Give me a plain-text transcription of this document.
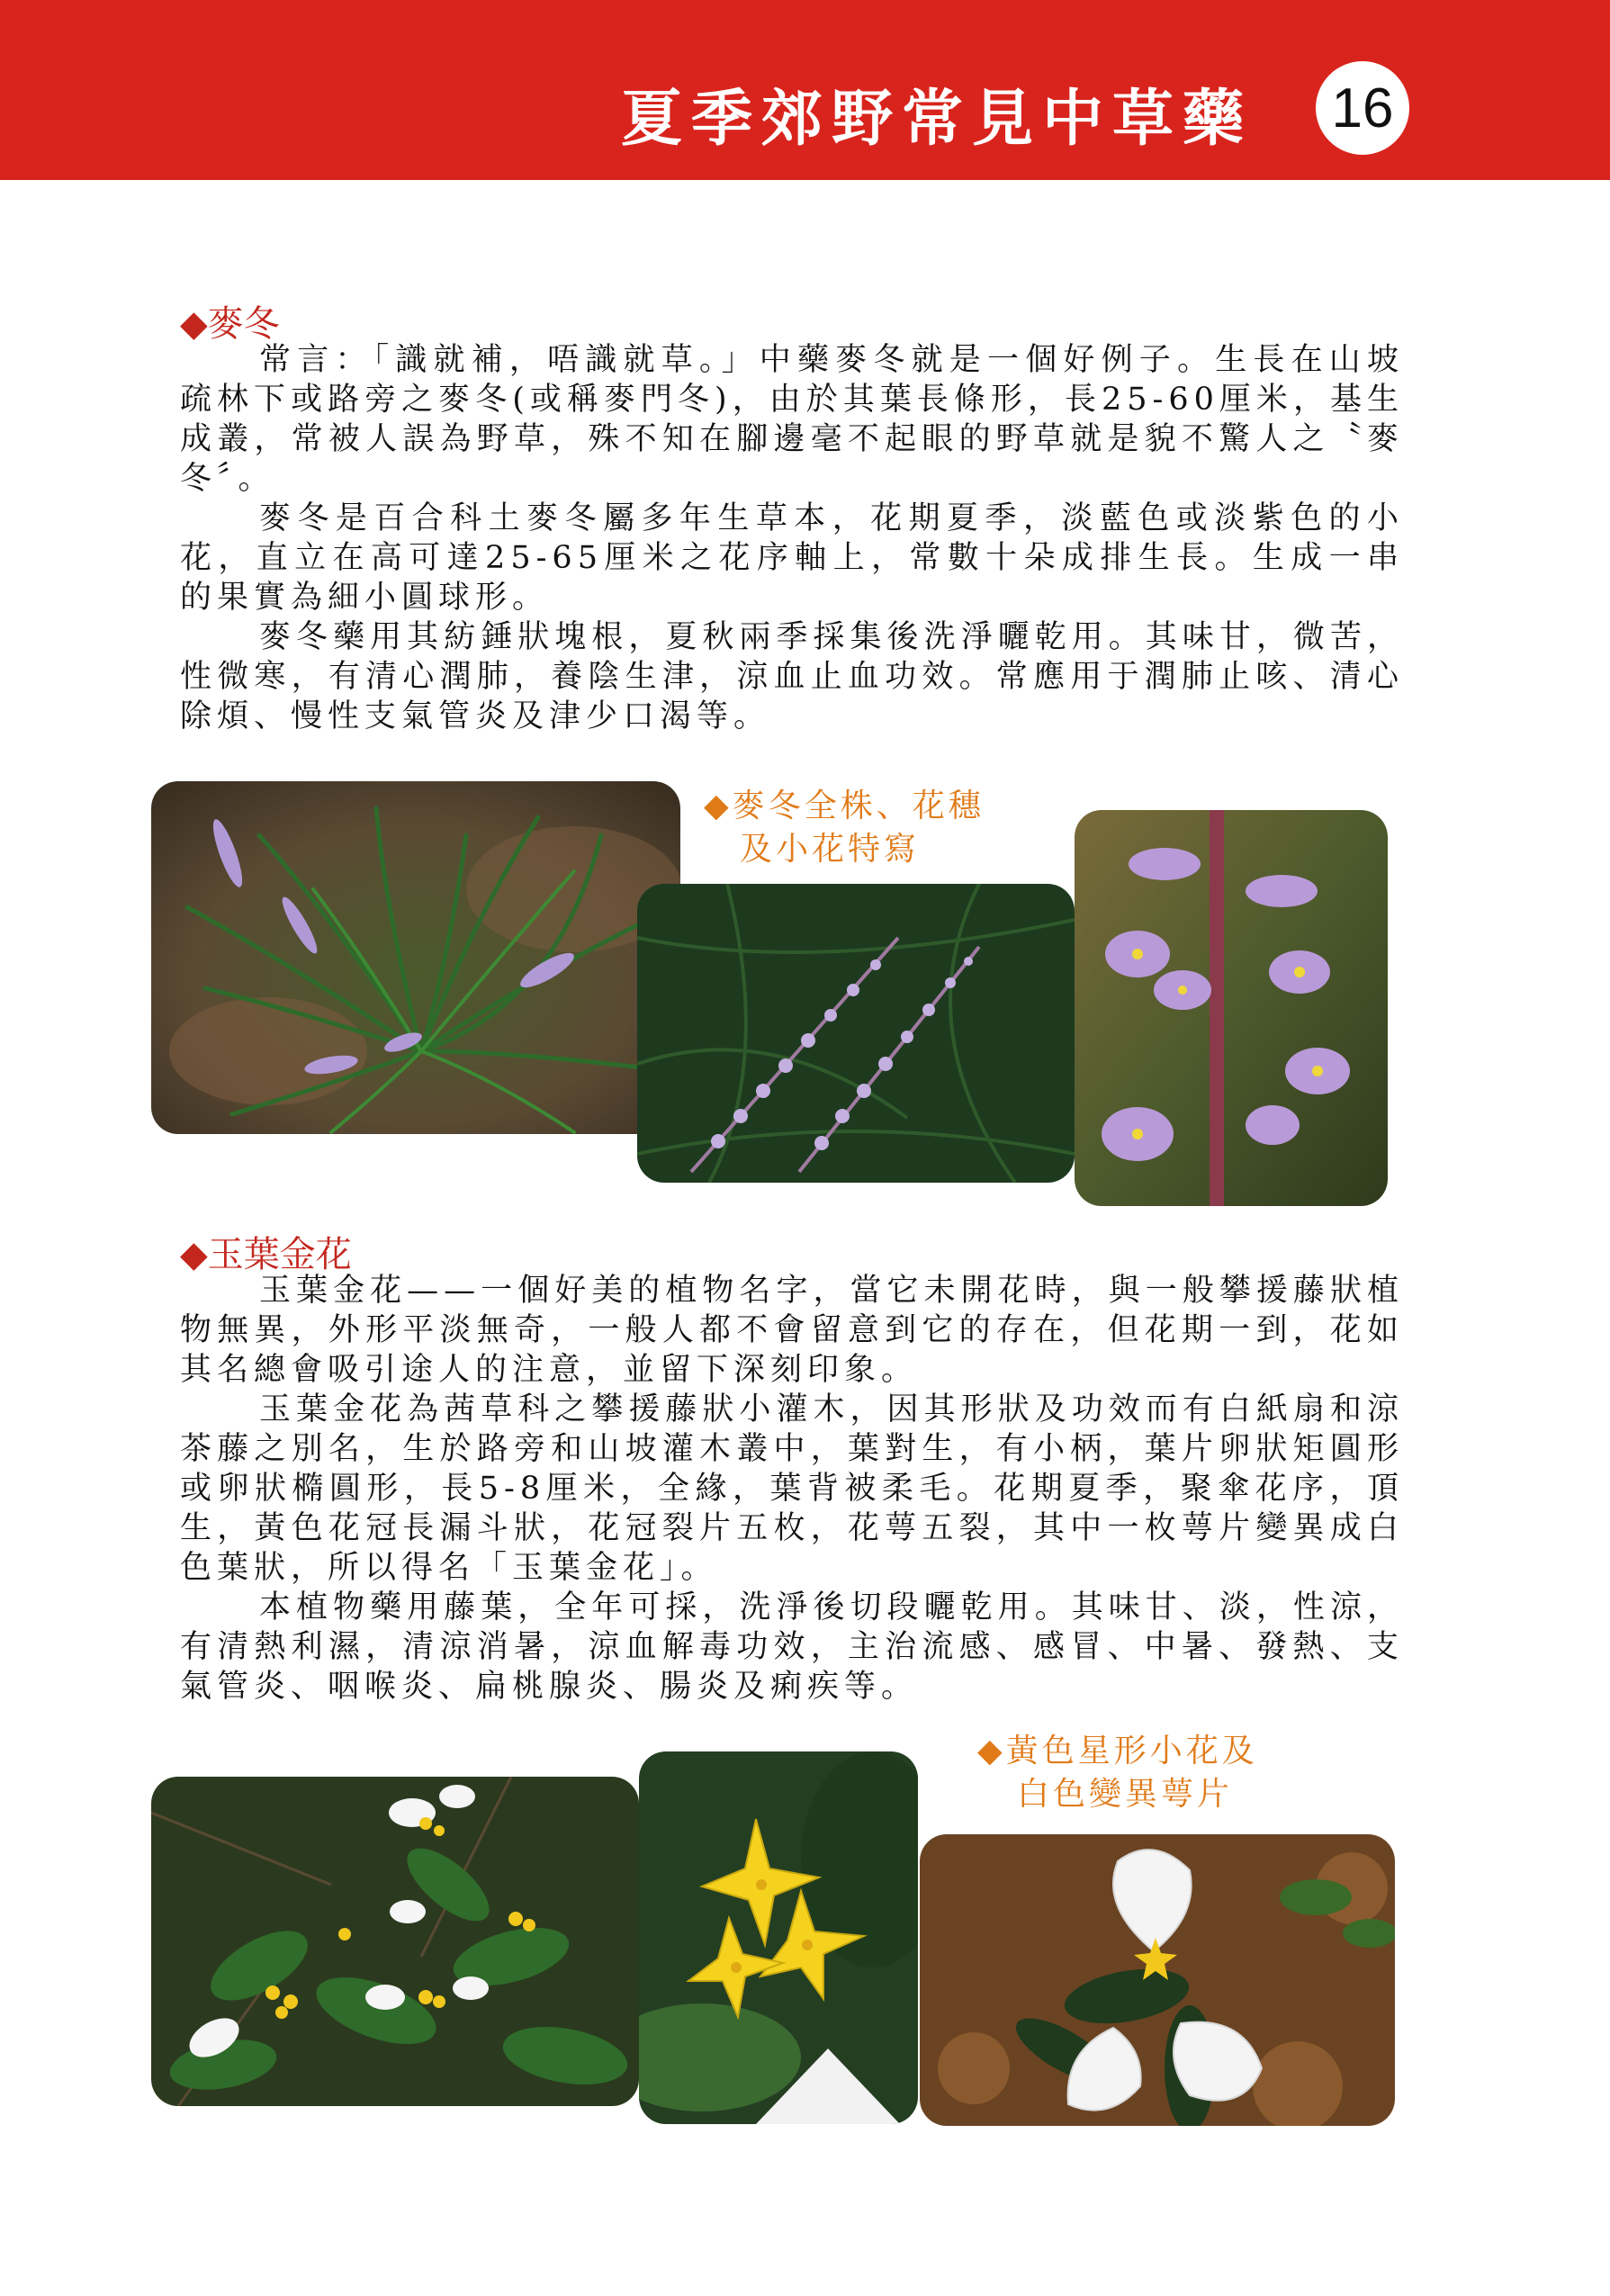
夏季郊野常見中草藥 16
◆麥冬

常言：「識就補，唔識就草。」中藥麥冬就是一個好例子。生長在山坡疏林下或路旁之麥冬(或稱麥門冬)，由於其葉長條形，長25-60厘米，基生成叢，常被人誤為野草，殊不知在腳邊毫不起眼的野草就是貌不驚人之〝麥冬〞。

麥冬是百合科土麥冬屬多年生草本，花期夏季，淡藍色或淡紫色的小花，直立在高可達25-65厘米之花序軸上，常數十朵成排生長。生成一串的果實為細小圓球形。

麥冬藥用其紡錘狀塊根，夏秋兩季採集後洗淨曬乾用。其味甘，微苦，性微寒，有清心潤肺，養陰生津，涼血止血功效。常應用于潤肺止咳、清心除煩、慢性支氣管炎及津少口渴等。

◆麥冬全株、花穗
及小花特寫
◆玉葉金花

玉葉金花——一個好美的植物名字，當它未開花時，與一般攀援藤狀植物無異，外形平淡無奇，一般人都不會留意到它的存在，但花期一到，花如其名總會吸引途人的注意，並留下深刻印象。

玉葉金花為茜草科之攀援藤狀小灌木，因其形狀及功效而有白紙扇和涼茶藤之別名，生於路旁和山坡灌木叢中，葉對生，有小柄，葉片卵狀矩圓形或卵狀橢圓形，長5-8厘米，全緣，葉背被柔毛。花期夏季，聚傘花序，頂生，黃色花冠長漏斗狀，花冠裂片五枚，花萼五裂，其中一枚萼片變異成白色葉狀，所以得名「玉葉金花」。

本植物藥用藤葉，全年可採，洗淨後切段曬乾用。其味甘、淡，性涼，有清熱利濕，清涼消暑，涼血解毒功效，主治流感、感冒、中暑、發熱、支氣管炎、咽喉炎、扁桃腺炎、腸炎及痢疾等。

◆黃色星形小花及
白色變異萼片
